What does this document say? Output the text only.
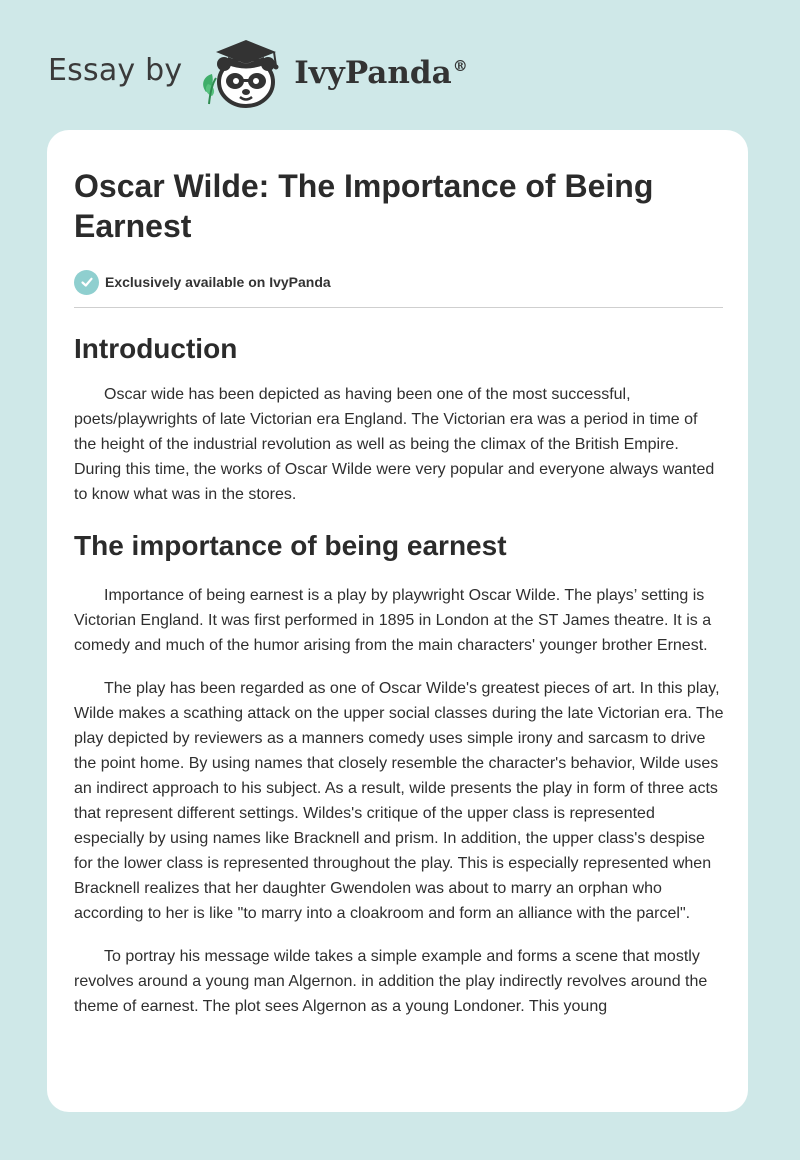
Essay by	IvyPanda®
Oscar Wilde: The Importance of Being Earnest
Exclusively available on IvyPanda
Introduction

Oscar wide has been depicted as having been one of the most successful, poets/playwrights of late Victorian era England. The Victorian era was a period in time of the height of the industrial revolution as well as being the climax of the British Empire. During this time, the works of Oscar Wilde were very popular and everyone always wanted to know what was in the stores.

The importance of being earnest

Importance of being earnest is a play by playwright Oscar Wilde. The plays’ setting is Victorian England. It was first performed in 1895 in London at the ST James theatre. It is a comedy and much of the humor arising from the main characters' younger brother Ernest.

The play has been regarded as one of Oscar Wilde's greatest pieces of art. In this play, Wilde makes a scathing attack on the upper social classes during the late Victorian era. The play depicted by reviewers as a manners comedy uses simple irony and sarcasm to drive the point home. By using names that closely resemble the character's behavior, Wilde uses an indirect approach to his subject. As a result, wilde presents the play in form of three acts that represent different settings. Wildes's critique of the upper class is represented especially by using names like Bracknell and prism. In addition, the upper class's despise for the lower class is represented throughout the play. This is especially represented when Bracknell realizes that her daughter Gwendolen was about to marry an orphan who according to her is like "to marry into a cloakroom and form an alliance with the parcel".

To portray his message wilde takes a simple example and forms a scene that mostly revolves around a young man Algernon. in addition the play indirectly revolves around the theme of earnest. The plot sees Algernon as a young Londoner. This young
